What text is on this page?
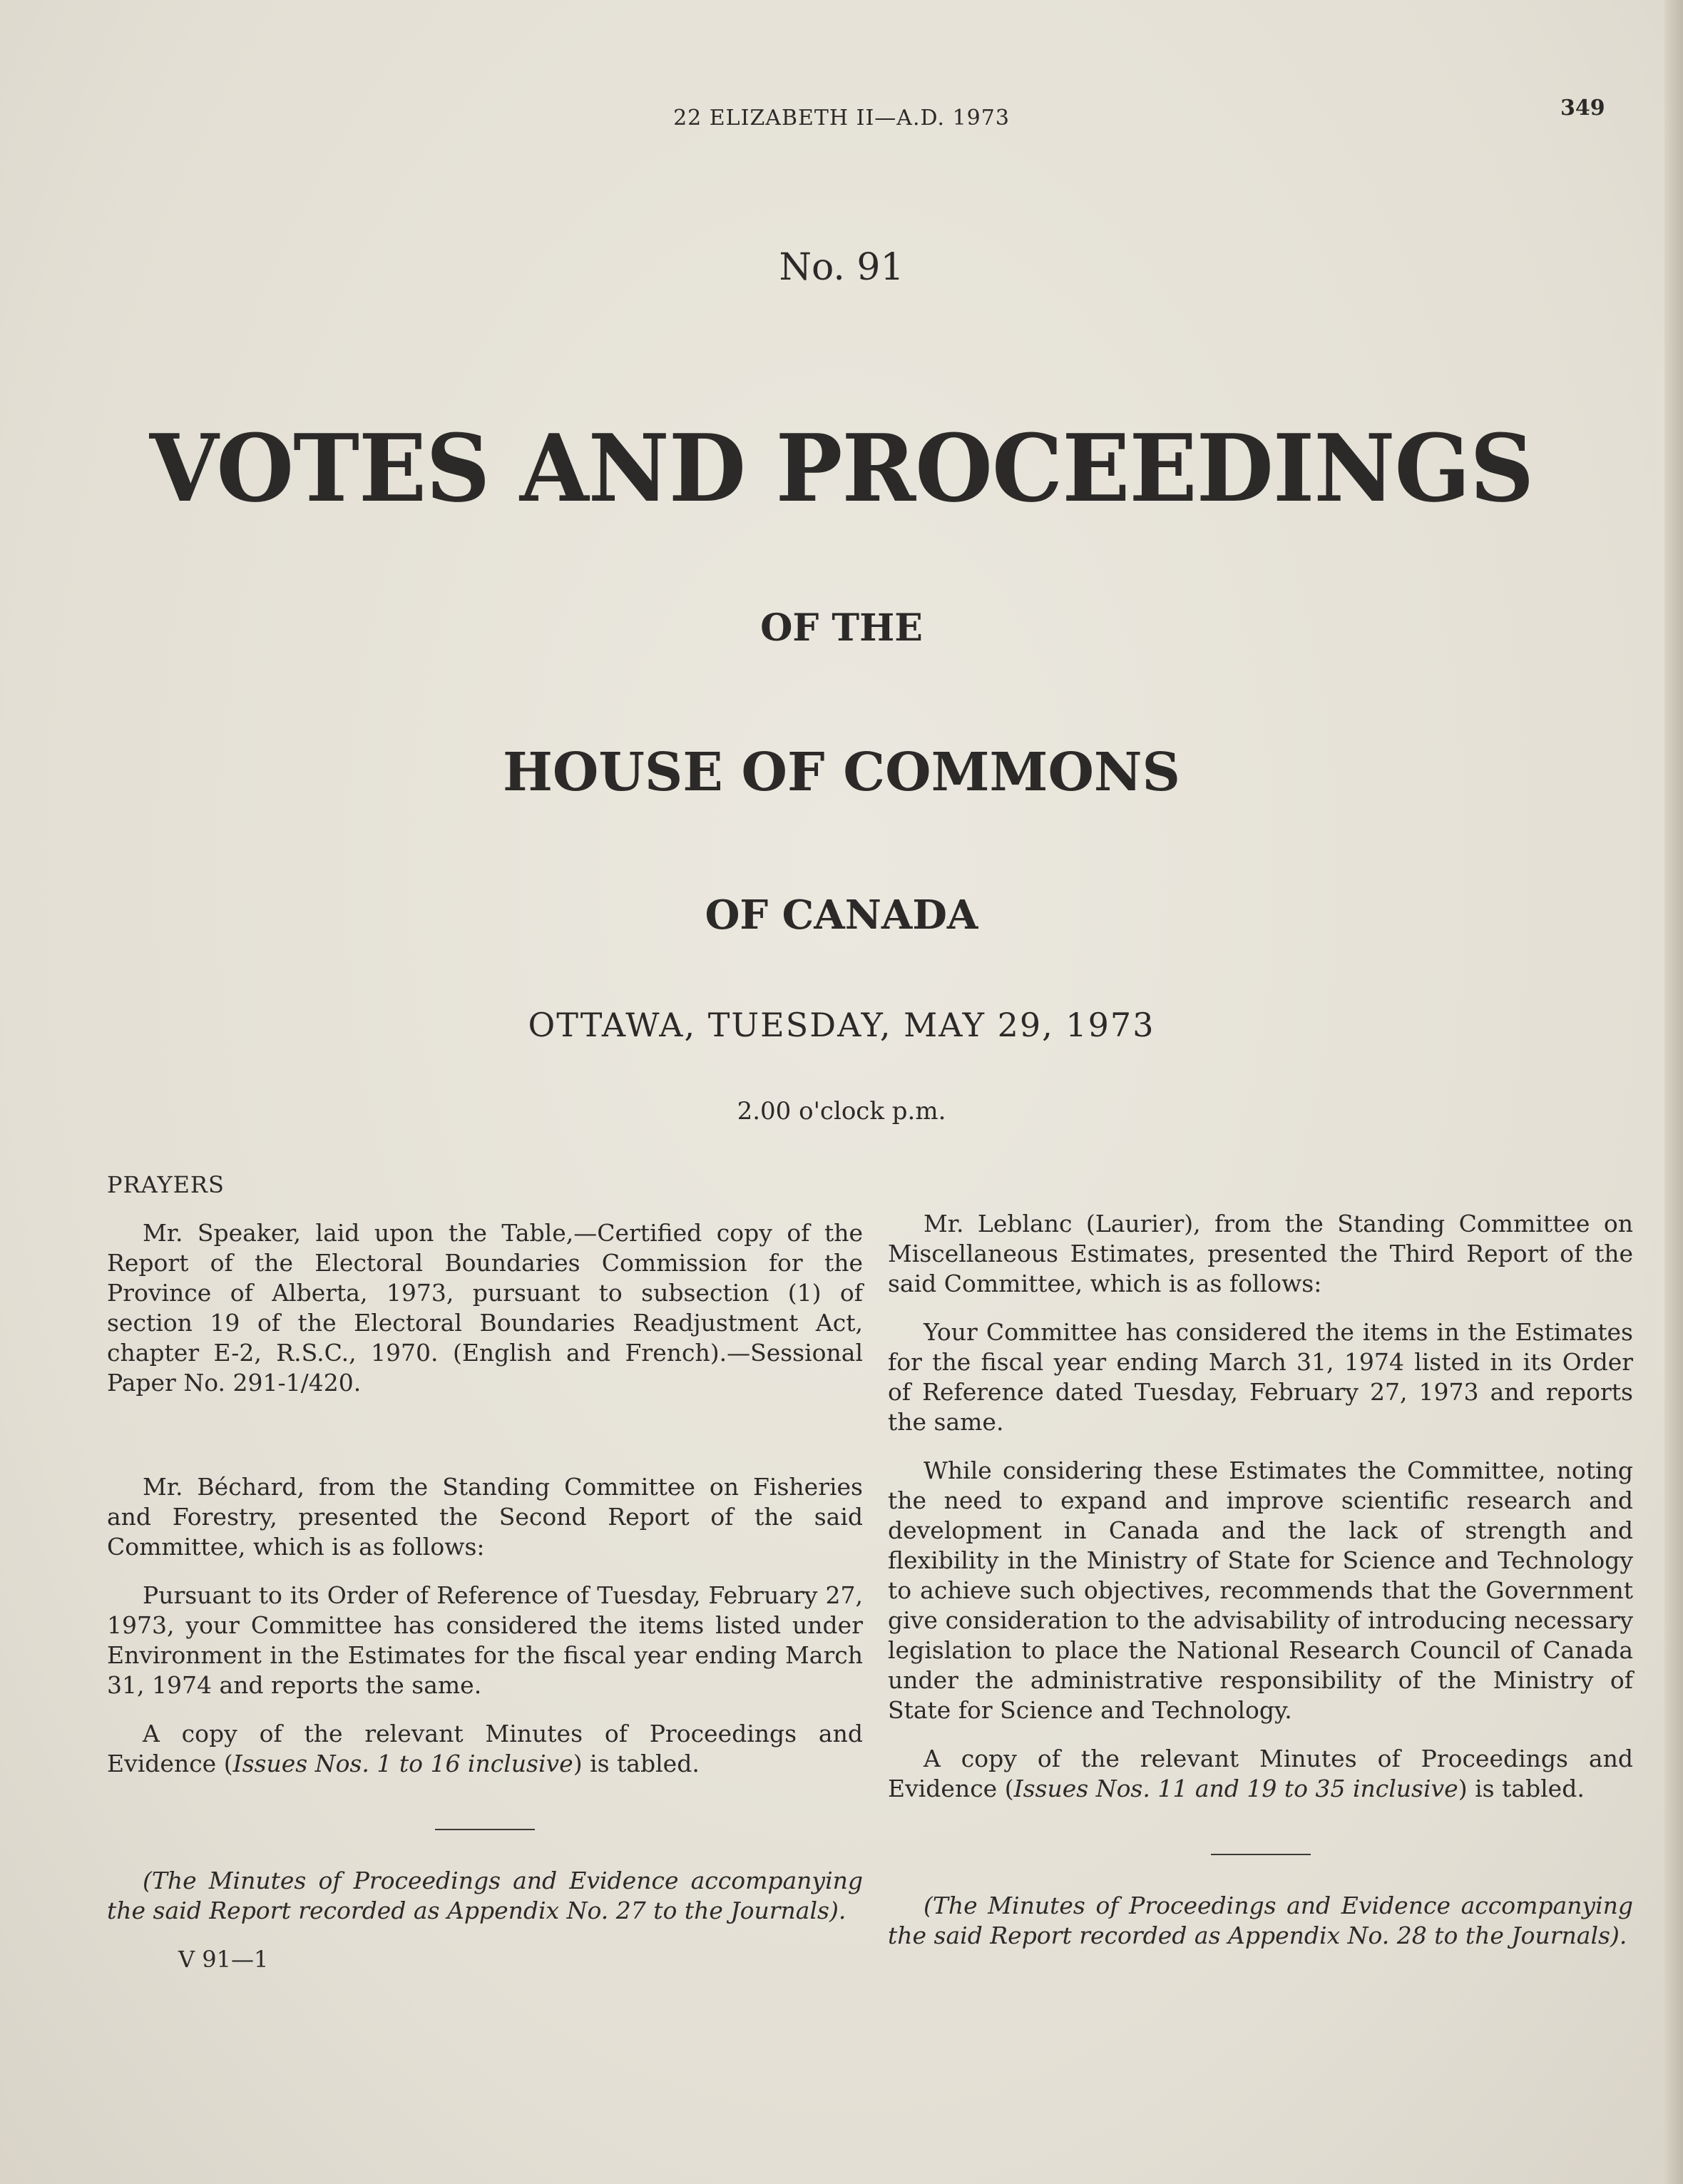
22 ELIZABETH II—A.D. 1973	349
No. 91
VOTES AND PROCEEDINGS
OF THE
HOUSE OF COMMONS
OF CANADA
OTTAWA, TUESDAY, MAY 29, 1973
2.00 o'clock p.m.

PRAYERS

Mr. Speaker, laid upon the Table,—Certified copy of the Report of the Electoral Boundaries Commission for the Province of Alberta, 1973, pursuant to subsection (1) of section 19 of the Electoral Boundaries Readjustment Act, chapter E-2, R.S.C., 1970. (English and French).—Sessional Paper No. 291-1/420.

Mr. Béchard, from the Standing Committee on Fisheries and Forestry, presented the Second Report of the said Committee, which is as follows:

Pursuant to its Order of Reference of Tuesday, February 27, 1973, your Committee has considered the items listed under Environment in the Estimates for the fiscal year ending March 31, 1974 and reports the same.

A copy of the relevant Minutes of Proceedings and Evidence (Issues Nos. 1 to 16 inclusive) is tabled.

(The Minutes of Proceedings and Evidence accompanying the said Report recorded as Appendix No. 27 to the Journals).

V 91—1

Mr. Leblanc (Laurier), from the Standing Committee on Miscellaneous Estimates, presented the Third Report of the said Committee, which is as follows:

Your Committee has considered the items in the Estimates for the fiscal year ending March 31, 1974 listed in its Order of Reference dated Tuesday, February 27, 1973 and reports the same.

While considering these Estimates the Committee, noting the need to expand and improve scientific research and development in Canada and the lack of strength and flexibility in the Ministry of State for Science and Technology to achieve such objectives, recommends that the Government give consideration to the advisability of introducing necessary legislation to place the National Research Council of Canada under the administrative responsibility of the Ministry of State for Science and Technology.

A copy of the relevant Minutes of Proceedings and Evidence (Issues Nos. 11 and 19 to 35 inclusive) is tabled.

(The Minutes of Proceedings and Evidence accompanying the said Report recorded as Appendix No. 28 to the Journals).
